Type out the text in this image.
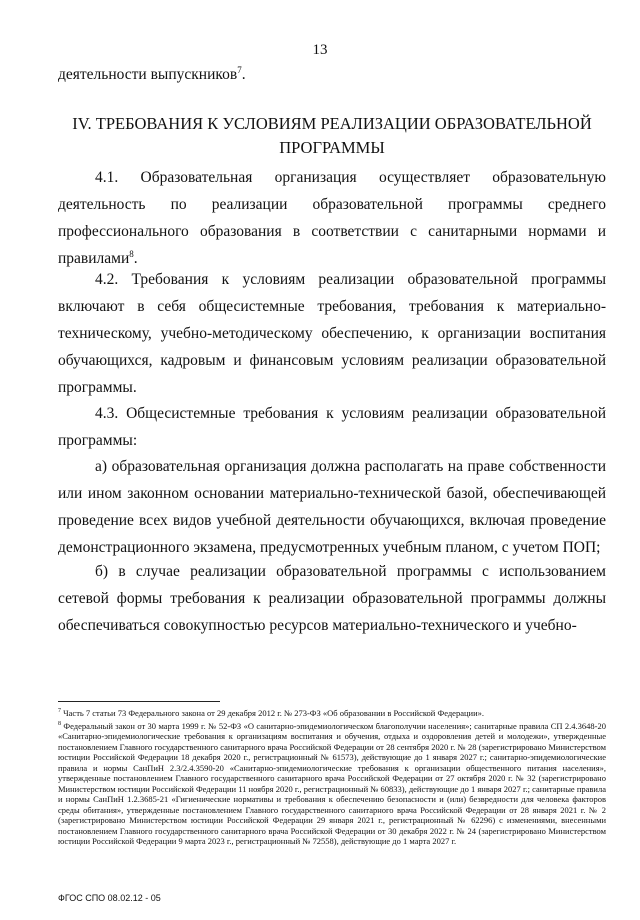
13
деятельности выпускников$^7$.
IV. ТРЕБОВАНИЯ К УСЛОВИЯМ РЕАЛИЗАЦИИ ОБРАЗОВАТЕЛЬНОЙ ПРОГРАММЫ
4.1. Образовательная организация осуществляет образовательную деятельность по реализации образовательной программы среднего профессионального образования в соответствии с санитарными нормами и правилами$^8$.
4.2. Требования к условиям реализации образовательной программы включают в себя общесистемные требования, требования к материально-техническому, учебно-методическому обеспечению, к организации воспитания обучающихся, кадровым и финансовым условиям реализации образовательной программы.
4.3. Общесистемные требования к условиям реализации образовательной программы:
а) образовательная организация должна располагать на праве собственности или ином законном основании материально-технической базой, обеспечивающей проведение всех видов учебной деятельности обучающихся, включая проведение демонстрационного экзамена, предусмотренных учебным планом, с учетом ПОП;
б) в случае реализации образовательной программы с использованием сетевой формы требования к реализации образовательной программы должны обеспечиваться совокупностью ресурсов материально-технического и учебно-
$^7$ Часть 7 статьи 73 Федерального закона от 29 декабря 2012 г. № 273-ФЗ «Об образовании в Российской Федерации».
$^8$ Федеральный закон от 30 марта 1999 г. № 52-ФЗ «О санитарно-эпидемиологическом благополучии населения»; санитарные правила СП 2.4.3648-20 «Санитарно-эпидемиологические требования к организациям воспитания и обучения, отдыха и оздоровления детей и молодежи», утвержденные постановлением Главного государственного санитарного врача Российской Федерации от 28 сентября 2020 г. № 28 (зарегистрировано Министерством юстиции Российской Федерации 18 декабря 2020 г., регистрационный № 61573), действующие до 1 января 2027 г.; санитарно-эпидемиологические правила и нормы СанПиН 2.3/2.4.3590-20 «Санитарно-эпидемиологические требования к организации общественного питания населения», утвержденные постановлением Главного государственного санитарного врача Российской Федерации от 27 октября 2020 г. № 32 (зарегистрировано Министерством юстиции Российской Федерации 11 ноября 2020 г., регистрационный № 60833), действующие до 1 января 2027 г.; санитарные правила и нормы СанПиН 1.2.3685-21 «Гигиенические нормативы и требования к обеспечению безопасности и (или) безвредности для человека факторов среды обитания», утвержденные постановлением Главного государственного санитарного врача Российской Федерации от 28 января 2021 г. № 2 (зарегистрировано Министерством юстиции Российской Федерации 29 января 2021 г., регистрационный № 62296) с изменениями, внесенными постановлением Главного государственного санитарного врача Российской Федерации от 30 декабря 2022 г. № 24 (зарегистрировано Министерством юстиции Российской Федерации 9 марта 2023 г., регистрационный № 72558), действующие до 1 марта 2027 г.
ФГОС СПО 08.02.12 - 05
